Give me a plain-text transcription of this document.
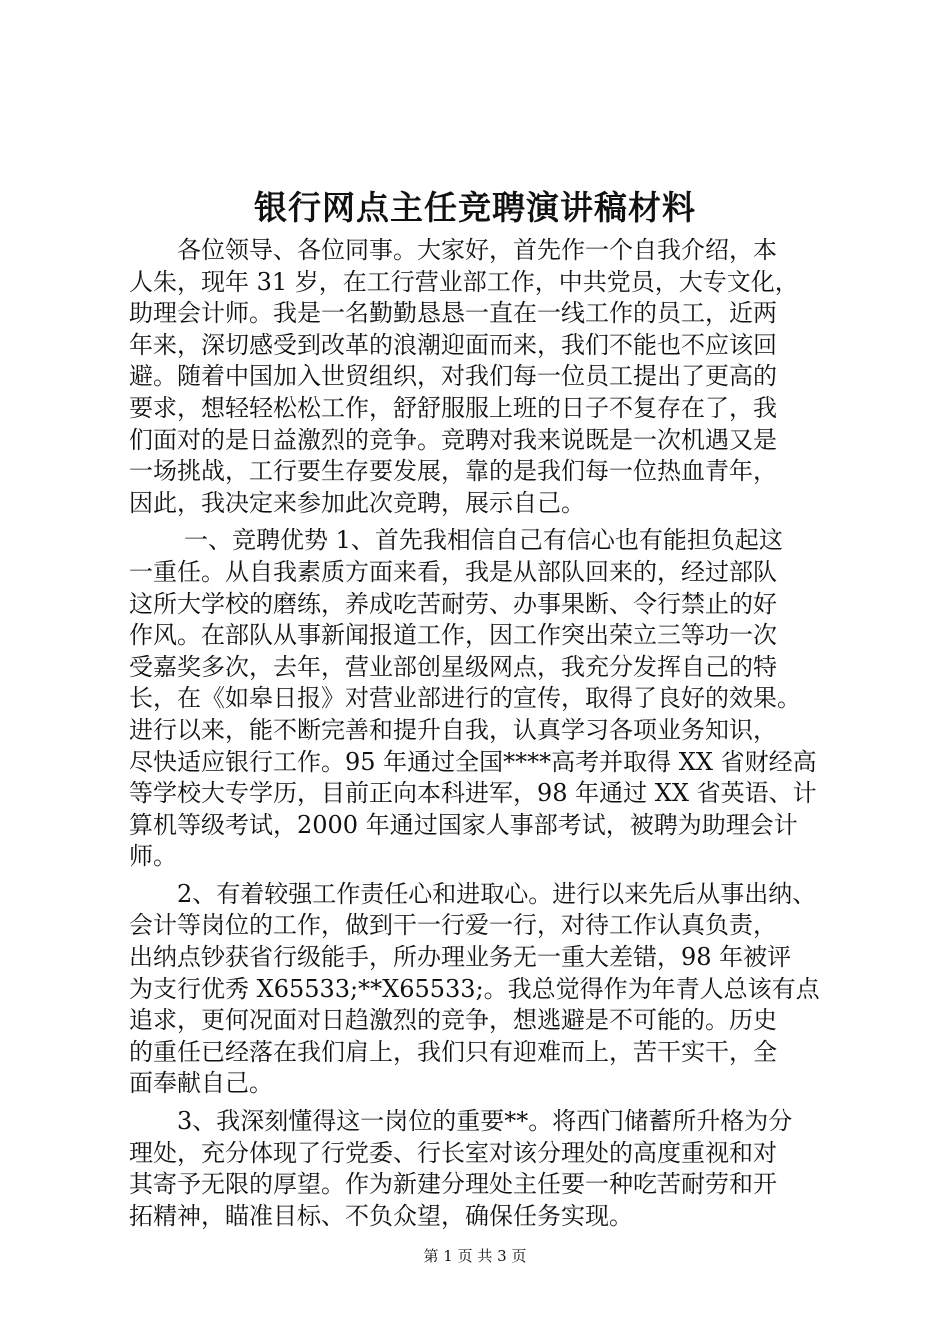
银行网点主任竞聘演讲稿材料
各位领导、各位同事。大家好，首先作一个自我介绍，本
人朱，现年 31 岁，在工行营业部工作，中共党员，大专文化，
助理会计师。我是一名勤勤恳恳一直在一线工作的员工，近两
年来，深切感受到改革的浪潮迎面而来，我们不能也不应该回
避。随着中国加入世贸组织，对我们每一位员工提出了更高的
要求，想轻轻松松工作，舒舒服服上班的日子不复存在了，我
们面对的是日益激烈的竞争。竞聘对我来说既是一次机遇又是
一场挑战，工行要生存要发展，靠的是我们每一位热血青年，
因此，我决定来参加此次竞聘，展示自己。
一、竞聘优势 1、首先我相信自己有信心也有能担负起这
一重任。从自我素质方面来看，我是从部队回来的，经过部队
这所大学校的磨练，养成吃苦耐劳、办事果断、令行禁止的好
作风。在部队从事新闻报道工作，因工作突出荣立三等功一次
受嘉奖多次，去年，营业部创星级网点，我充分发挥自己的特
长，在《如皋日报》对营业部进行的宣传，取得了良好的效果。
进行以来，能不断完善和提升自我，认真学习各项业务知识，
尽快适应银行工作。95 年通过全国****高考并取得 XX 省财经高
等学校大专学历，目前正向本科进军，98 年通过 XX 省英语、计
算机等级考试，2000 年通过国家人事部考试，被聘为助理会计
师。
2、有着较强工作责任心和进取心。进行以来先后从事出纳、
会计等岗位的工作，做到干一行爱一行，对待工作认真负责，
出纳点钞获省行级能手，所办理业务无一重大差错，98 年被评
为支行优秀 X65533;**X65533;。我总觉得作为年青人总该有点
追求，更何况面对日趋激烈的竞争，想逃避是不可能的。历史
的重任已经落在我们肩上，我们只有迎难而上，苦干实干，全
面奉献自己。
3、我深刻懂得这一岗位的重要**。将西门储蓄所升格为分
理处，充分体现了行党委、行长室对该分理处的高度重视和对
其寄予无限的厚望。作为新建分理处主任要一种吃苦耐劳和开
拓精神，瞄准目标、不负众望，确保任务实现。
第 1 页 共 3 页
